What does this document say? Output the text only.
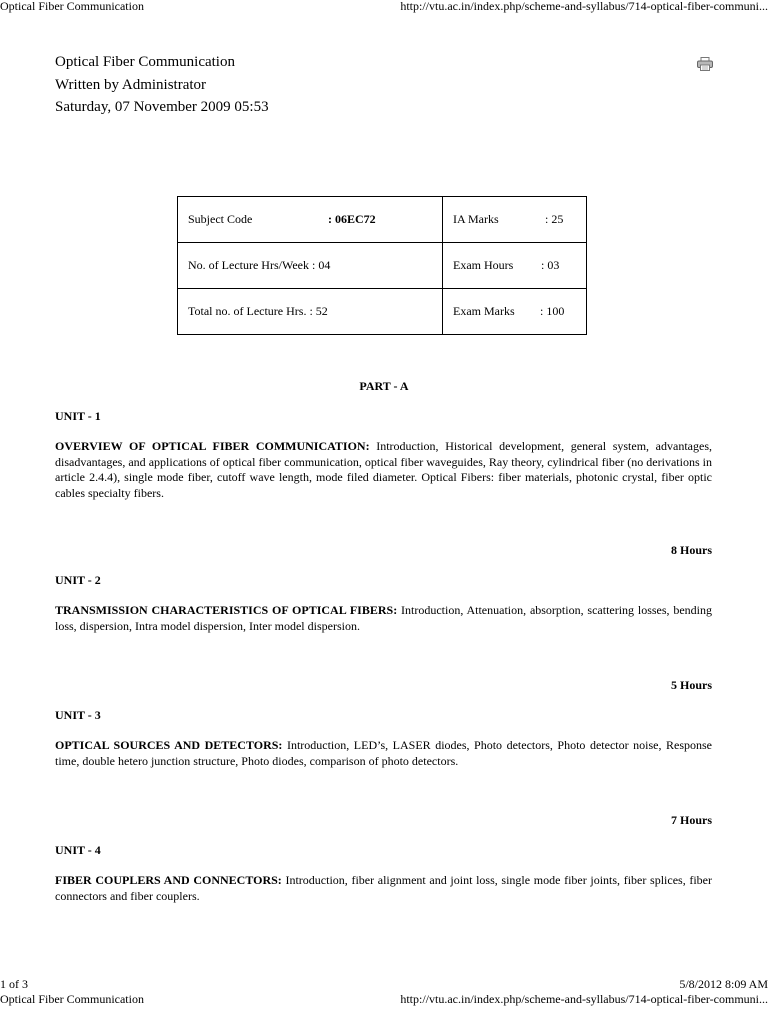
Optical Fiber Communication	http://vtu.ac.in/index.php/scheme-and-syllabus/714-optical-fiber-communi...
Optical Fiber Communication
Written by Administrator
Saturday, 07 November 2009 05:53
Subject Code : 06EC72	IA Marks : 25
No. of Lecture Hrs/Week : 04	Exam Hours : 03
Total no. of Lecture Hrs. : 52	Exam Marks : 100
PART - A
UNIT - 1
OVERVIEW OF OPTICAL FIBER COMMUNICATION: Introduction, Historical development, general system, advantages, disadvantages, and applications of optical fiber communication, optical fiber waveguides, Ray theory, cylindrical fiber (no derivations in article 2.4.4), single mode fiber, cutoff wave length, mode filed diameter. Optical Fibers: fiber materials, photonic crystal, fiber optic cables specialty fibers.
8 Hours
UNIT - 2
TRANSMISSION CHARACTERISTICS OF OPTICAL FIBERS: Introduction, Attenuation, absorption, scattering losses, bending loss, dispersion, Intra model dispersion, Inter model dispersion.
5 Hours
UNIT - 3
OPTICAL SOURCES AND DETECTORS: Introduction, LED’s, LASER diodes, Photo detectors, Photo detector noise, Response time, double hetero junction structure, Photo diodes, comparison of photo detectors.
7 Hours
UNIT - 4
FIBER COUPLERS AND CONNECTORS: Introduction, fiber alignment and joint loss, single mode fiber joints, fiber splices, fiber connectors and fiber couplers.
1 of 3	5/8/2012 8:09 AM
Optical Fiber Communication	http://vtu.ac.in/index.php/scheme-and-syllabus/714-optical-fiber-communi...
